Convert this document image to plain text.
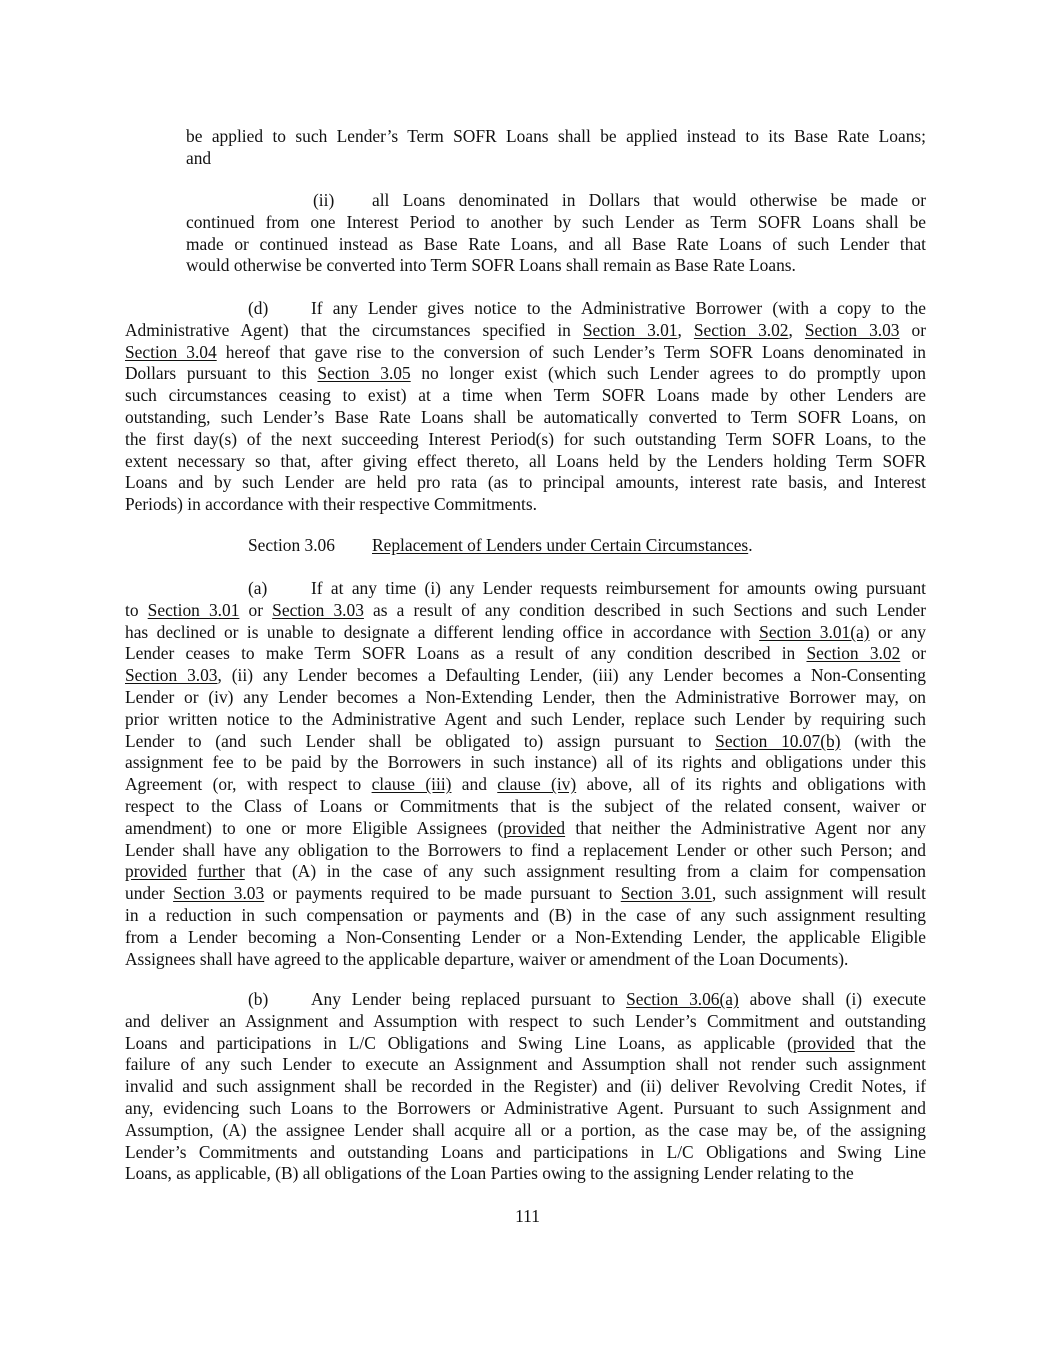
be applied to such Lender’s Term SOFR Loans shall be applied instead to its Base Rate Loans;
and
(ii) all Loans denominated in Dollars that would otherwise be made or
continued from one Interest Period to another by such Lender as Term SOFR Loans shall be
made or continued instead as Base Rate Loans, and all Base Rate Loans of such Lender that
would otherwise be converted into Term SOFR Loans shall remain as Base Rate Loans.
(d) If any Lender gives notice to the Administrative Borrower (with a copy to the
Administrative Agent) that the circumstances specified in Section 3.01, Section 3.02, Section 3.03 or
Section 3.04 hereof that gave rise to the conversion of such Lender’s Term SOFR Loans denominated in
Dollars pursuant to this Section 3.05 no longer exist (which such Lender agrees to do promptly upon
such circumstances ceasing to exist) at a time when Term SOFR Loans made by other Lenders are
outstanding, such Lender’s Base Rate Loans shall be automatically converted to Term SOFR Loans, on
the first day(s) of the next succeeding Interest Period(s) for such outstanding Term SOFR Loans, to the
extent necessary so that, after giving effect thereto, all Loans held by the Lenders holding Term SOFR
Loans and by such Lender are held pro rata (as to principal amounts, interest rate basis, and Interest
Periods) in accordance with their respective Commitments.
Section 3.06 Replacement of Lenders under Certain Circumstances.
(a)	If at any time (i) any Lender requests reimbursement for amounts owing pursuant
to Section 3.01 or Section 3.03 as a result of any condition described in such Sections and such Lender
has declined or is unable to designate a different lending office in accordance with Section 3.01(a) or any
Lender ceases to make Term SOFR Loans as a result of any condition described in Section 3.02 or
Section 3.03, (ii) any Lender becomes a Defaulting Lender, (iii) any Lender becomes a Non-Consenting
Lender or (iv) any Lender becomes a Non-Extending Lender, then the Administrative Borrower may, on
prior written notice to the Administrative Agent and such Lender, replace such Lender by requiring such
Lender to (and such Lender shall be obligated to) assign pursuant to Section 10.07(b) (with the
assignment fee to be paid by the Borrowers in such instance) all of its rights and obligations under this
Agreement (or, with respect to clause (iii) and clause (iv) above, all of its rights and obligations with
respect to the Class of Loans or Commitments that is the subject of the related consent, waiver or
amendment) to one or more Eligible Assignees (provided that neither the Administrative Agent nor any
Lender shall have any obligation to the Borrowers to find a replacement Lender or other such Person; and
provided further that (A) in the case of any such assignment resulting from a claim for compensation
under Section 3.03 or payments required to be made pursuant to Section 3.01, such assignment will result
in a reduction in such compensation or payments and (B) in the case of any such assignment resulting
from a Lender becoming a Non-Consenting Lender or a Non-Extending Lender, the applicable Eligible
Assignees shall have agreed to the applicable departure, waiver or amendment of the Loan Documents).
(b) Any Lender being replaced pursuant to Section 3.06(a) above shall (i) execute
and deliver an Assignment and Assumption with respect to such Lender’s Commitment and outstanding
Loans and participations in L/C Obligations and Swing Line Loans, as applicable (provided that the
failure of any such Lender to execute an Assignment and Assumption shall not render such assignment
invalid and such assignment shall be recorded in the Register) and (ii) deliver Revolving Credit Notes, if
any, evidencing such Loans to the Borrowers or Administrative Agent. Pursuant to such Assignment and
Assumption, (A) the assignee Lender shall acquire all or a portion, as the case may be, of the assigning
Lender’s Commitments and outstanding Loans and participations in L/C Obligations and Swing Line
Loans, as applicable, (B) all obligations of the Loan Parties owing to the assigning Lender relating to the
111
